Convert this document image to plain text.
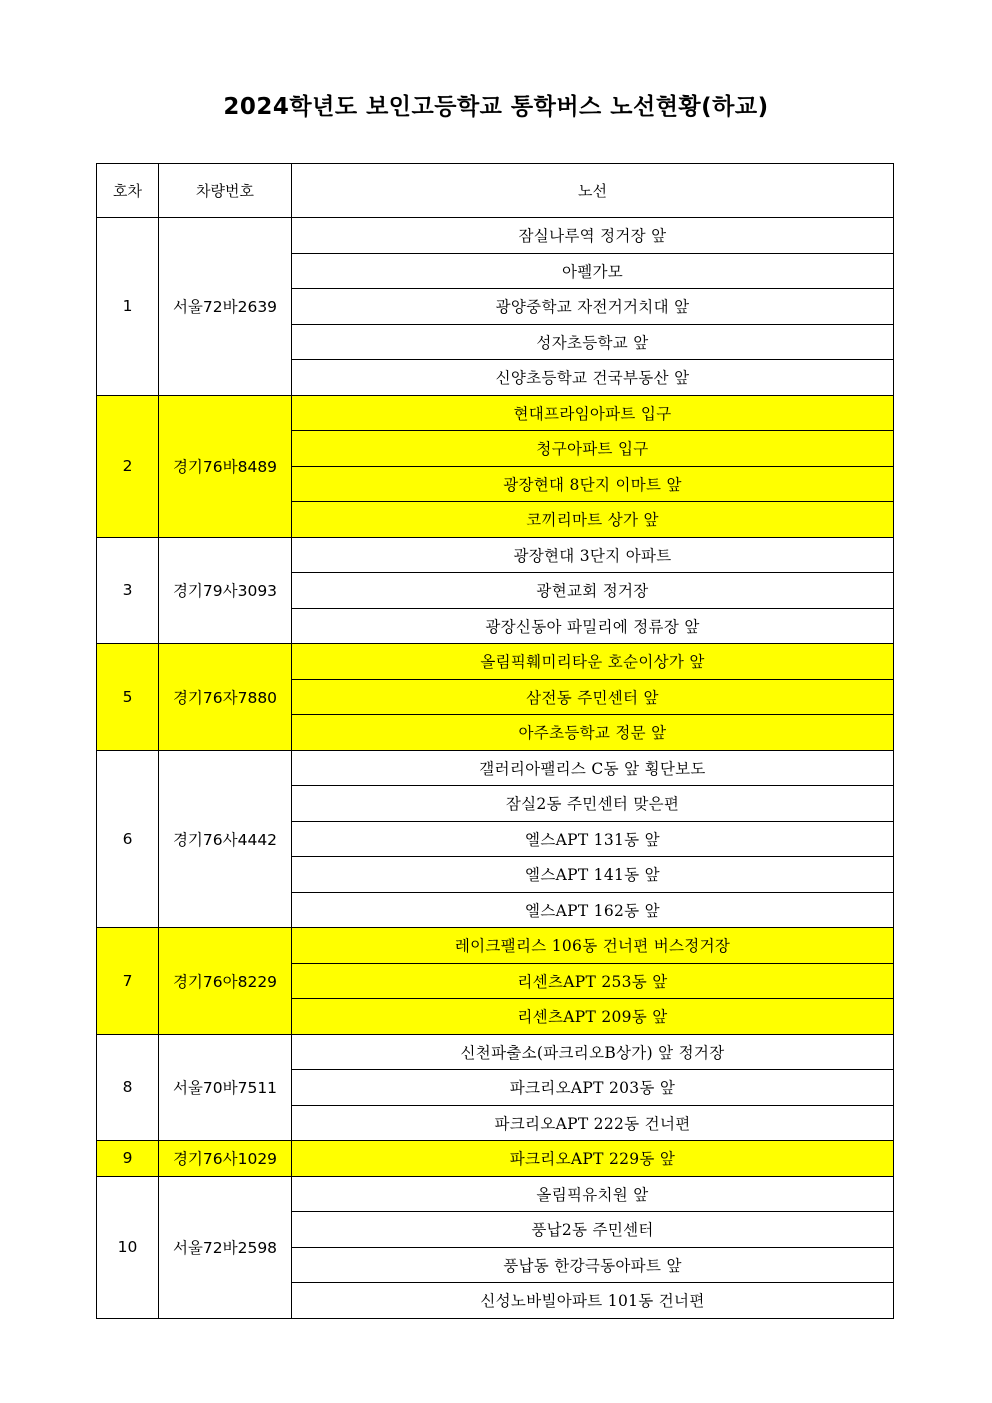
2024학년도 보인고등학교 통학버스 노선현황(하교)
호차	차량번호	노선
1	서울72바2639	잠실나루역 정거장 앞
		아펠가모
		광양중학교 자전거거치대 앞
		성자초등학교 앞
		신양초등학교 건국부동산 앞
2	경기76바8489	현대프라임아파트 입구
		청구아파트 입구
		광장현대 8단지 이마트 앞
		코끼리마트 상가 앞
3	경기79사3093	광장현대 3단지 아파트
		광현교회 정거장
		광장신동아 파밀리에 정류장 앞
5	경기76자7880	올림픽훼미리타운 호순이상가 앞
		삼전동 주민센터 앞
		아주초등학교 정문 앞
6	경기76사4442	갤러리아팰리스 C동 앞 횡단보도
		잠실2동 주민센터 맞은편
		엘스APT 131동 앞
		엘스APT 141동 앞
		엘스APT 162동 앞
7	경기76아8229	레이크팰리스 106동 건너편 버스정거장
		리센츠APT 253동 앞
		리센츠APT 209동 앞
8	서울70바7511	신천파출소(파크리오B상가) 앞 정거장
		파크리오APT 203동 앞
		파크리오APT 222동 건너편
9	경기76사1029	파크리오APT 229동 앞
10	서울72바2598	올림픽유치원 앞
		풍납2동 주민센터
		풍납동 한강극동아파트 앞
		신성노바빌아파트 101동 건너편
